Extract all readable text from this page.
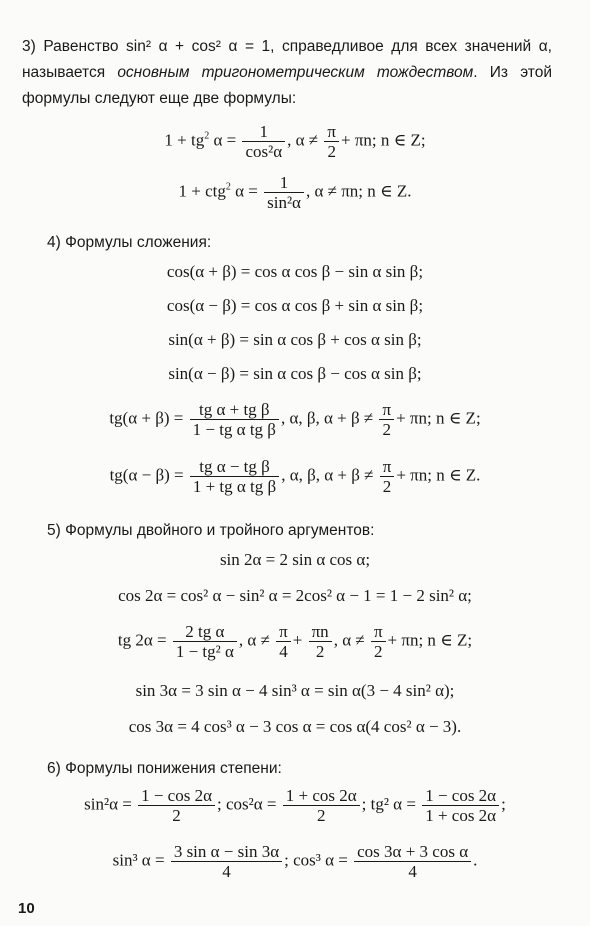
3) Равенство sin² α + cos² α = 1, справедливое для всех значений α, называется основным тригонометрическим тождеством. Из этой формулы следуют еще две формулы:
$1 + tg^2$ $\alpha = \frac{1}{\text{cos²α}}$ , $\alpha \ne \frac{\pi}{2} + \pi n$; n ∈ Z;
1 + ctg$^2$ $\alpha = \frac{1}{\text{sin²α}}$ , α ≠ πn; n ∈ Z.
4) Формулы сложения:
cos(α + β) = cos α cos β − sin α sin β;
cos(α − β) = cos α cos β + sin α sin β;
sin(α + β) = sin α cos β + cos α sin β;
sin(α − β) = sin α cos β − cos α sin β;
$tg(\alpha + \beta) = \frac{\text{tg α + tg β}}{\text{1 − tg α tg β}}$ , α, β, $\alpha + \beta \ne \frac{\pi}{2} + \pi n$; n ∈ Z;
$tg(\alpha - \beta) = \frac{\text{tg α − tg β}}{\text{1 + tg α tg β}}$ , α, β, $\alpha + \beta \ne \frac{\pi}{2} + \pi n$; n ∈ Z.
5) Формулы двойного и тройного аргументов:
sin 2α = 2 sin α cos α;
cos 2α = cos² α − sin² α = 2cos² α − 1 = 1 − 2 sin² α;
tg $2\alpha = \frac{\text{2 tg α}}{\text{1 − tg² α}}$ , $\alpha \ne \frac{\pi}{4} + \frac{\pi n}{2}$ , $\alpha \ne \frac{\pi}{2} + \pi n$; n ∈ Z;
sin 3α = 3 sin α − 4 sin³ α = sin α(3 − 4 sin² α);
cos 3α = 4 cos³ α − 3 cos α = cos α(4 cos² α − 3).
6) Формулы понижения степени:
$\sin^2\alpha = \frac{1 - \cos 2\alpha}{2}$ ; $\cos^2\alpha = \frac{1 + \cos 2\alpha}{2}$ ; tg² $\alpha = \frac{1 - \cos 2\alpha}{1 + \cos 2\alpha}$ ;
sin³ $\alpha = \frac{\text{3 sin α − sin 3α}}{4}$ ; cos³ $\alpha = \frac{\text{cos 3α + 3 cos α}}{4}$ .
10
